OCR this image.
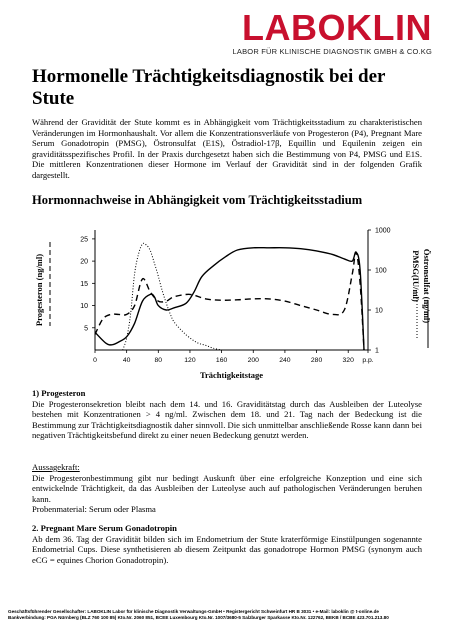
LABOKLIN
LABOR FÜR KLINISCHE DIAGNOSTIK GMBH & CO.KG
Hormonelle Trächtigkeitsdiagnostik bei der Stute

Während der Gravidität der Stute kommt es in Abhängigkeit vom Trächtigkeitsstadium zu charakteristischen Veränderungen im Hormonhaushalt. Vor allem die Konzentrationsverläufe von Progesteron (P4), Pregnant Mare Serum Gonadotropin (PMSG), Östronsulfat (E1S), Östradiol-17β, Equillin und Equilenin zeigen ein graviditätsspezifisches Profil. In der Praxis durchgesetzt haben sich die Bestimmung von P4, PMSG und E1S. Die mittleren Konzentrationen dieser Hormone im Verlauf der Gravidität sind in der folgenden Grafik dargestellt.

Hormonnachweise in Abhängigkeit vom Trächtigkeitsstadium
0	40	80	120	160	200	240	280	320 p.p.
Trächtigkeitstage
5
10
15
20
25
Progesteron (ng/ml)
1
10
100
1000
Östronsulfat (ng/ml)
PMSG(IU/ml)
1) Progesteron

Die Progesteronsekretion bleibt nach dem 14. und 16. Graviditätstag durch das Ausbleiben der Luteolyse bestehen mit Konzentrationen > 4 ng/ml. Zwischen dem 18. und 21. Tag nach der Bedeckung ist die Bestimmung zur Trächtigkeitsdiagnostik daher sinnvoll. Die sich unmittelbar anschließende Rosse kann dann bei negativen Trächtigkeitsbefund direkt zu einer neuen Bedeckung genutzt werden.

Aussagekraft:

Die Progesteronbestimmung gibt nur bedingt Auskunft über eine erfolgreiche Konzeption und eine sich entwickelnde Trächtigkeit, da das Ausbleiben der Luteolyse auch auf pathologischen Veränderungen beruhen kann.

Probenmaterial: Serum oder Plasma

2. Pregnant Mare Serum Gonadotropin

Ab dem 36. Tag der Gravidität bilden sich im Endometrium der Stute kraterförmige Einstülpungen sogenannte Endometrial Cups. Diese synthetisieren ab diesem Zeitpunkt das gonadotrope Hormon PMSG (synonym auch eCG = equines Chorion Gonadotropin).

Geschäftsführender Gesellschafter: LABOKLIN Labor für klinische Diagnostik Verwaltungs-GmbH • Registergericht Schweinfurt HR B 3031 • e-Mail: laboklin @ t-online.de
Bankverbindung: PGA Nürnberg (BLZ 760 100 85) Kto.Nr. 2060 851, BCEE Luxembourg Kto.Nr. 1007/3680-5 Salzburger Sparkasse Kto.Nr. 122762, BEKB / BCBE 423.701.213.80
